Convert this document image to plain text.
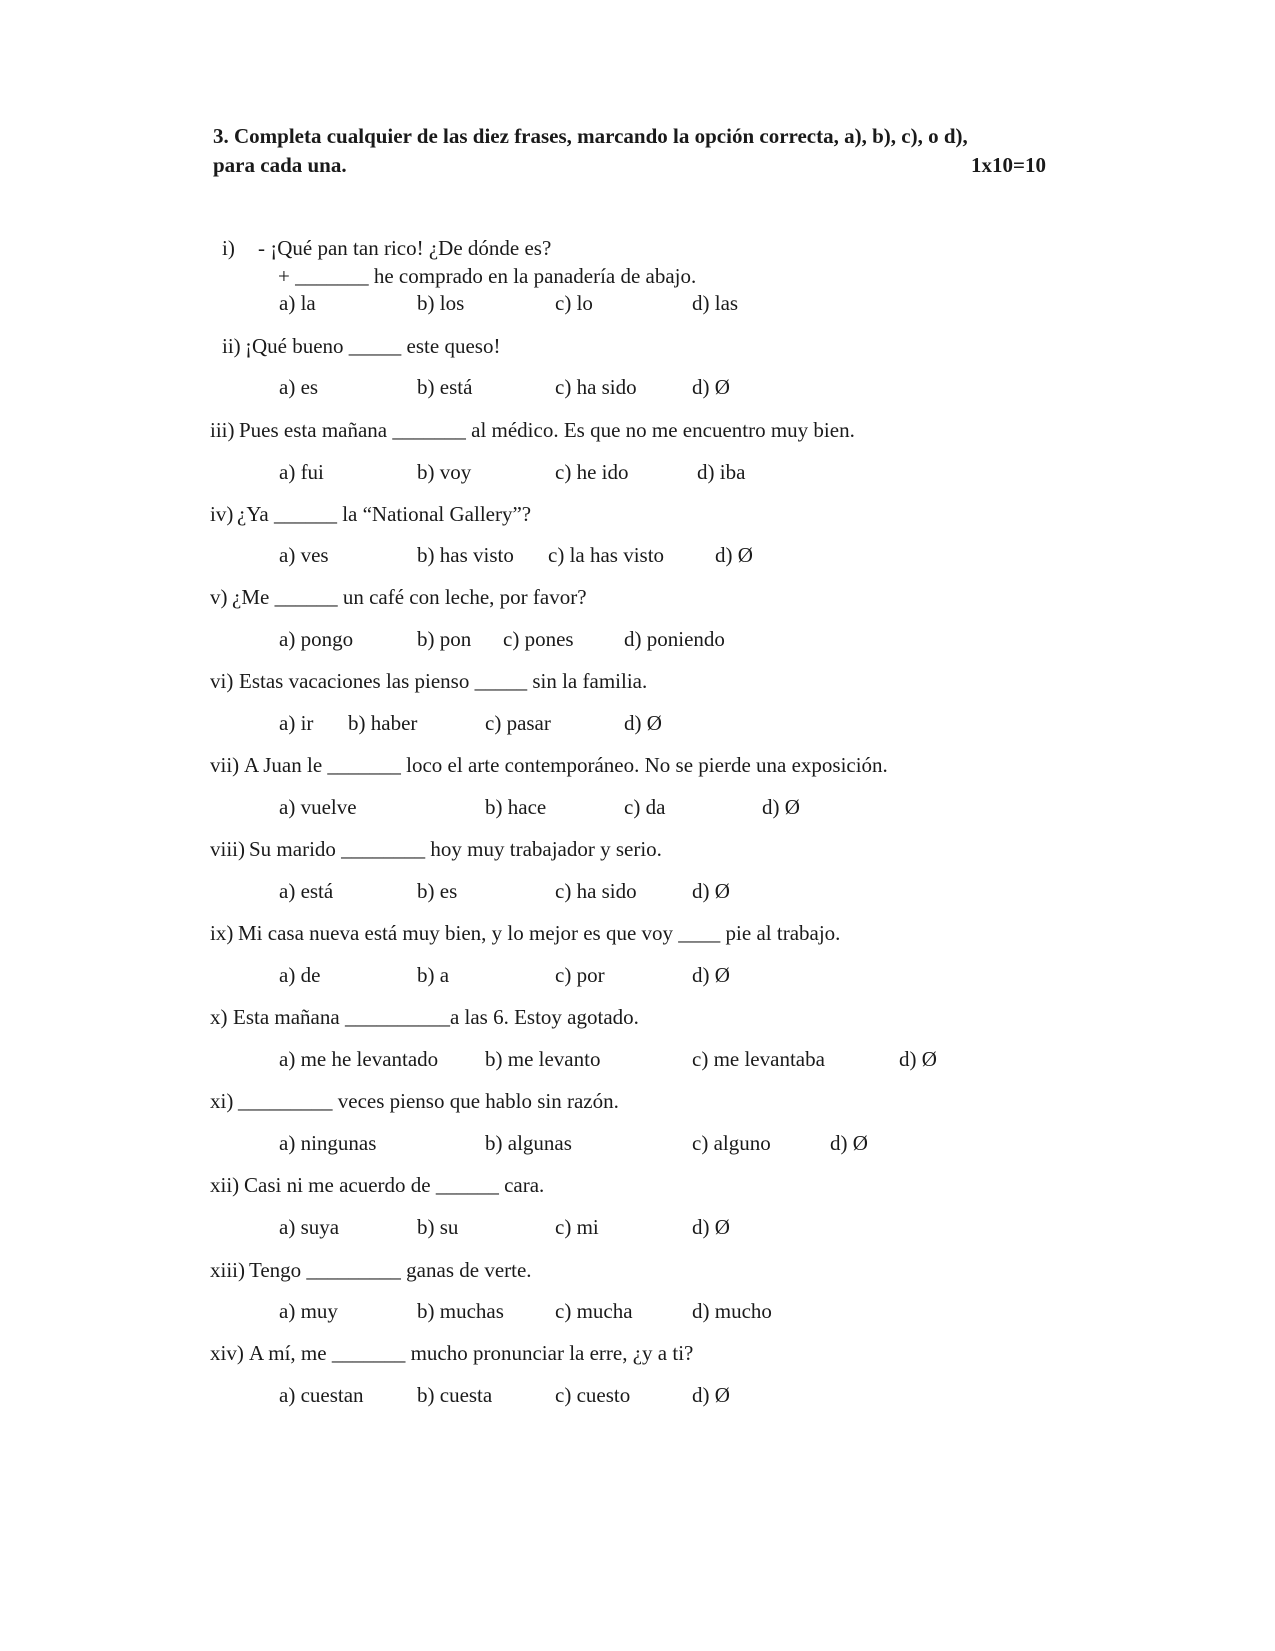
3. Completa cualquier de las diez frases, marcando la opción correcta, a), b), c), o d),
para cada una.	1x10=10
i) - ¡Qué pan tan rico! ¿De dónde es?
+ _______ he comprado en la panadería de abajo.
a) la	b) los	c) lo	d) las
ii) ¡Qué bueno _____ este queso!
a) es	b) está	c) ha sido	d) Ø
iii) Pues esta mañana _______ al médico. Es que no me encuentro muy bien.
a) fui	b) voy	c) he ido	d) iba
iv) ¿Ya ______ la “National Gallery”?
a) ves	b) has visto c) la has visto d) Ø
v) ¿Me ______ un café con leche, por favor?
a) pongo	b) pon c) pones d) poniendo
vi) Estas vacaciones las pienso _____ sin la familia.
a) ir b) haber	c) pasar	d) Ø
vii) A Juan le _______ loco el arte contemporáneo. No se pierde una exposición.
a) vuelve	b) hace	c) da	d) Ø
viii) Su marido ________ hoy muy trabajador y serio.
a) está	b) es	c) ha sido	d) Ø
ix) Mi casa nueva está muy bien, y lo mejor es que voy ____ pie al trabajo.
a) de	b) a	c) por	d) Ø
x) Esta mañana __________a las 6. Estoy agotado.
a) me he levantado b) me levanto	c) me levantaba	d) Ø
xi) _________ veces pienso que hablo sin razón.
a) ningunas	b) algunas	c) alguno	d) Ø
xii) Casi ni me acuerdo de ______ cara.
a) suya	b) su	c) mi	d) Ø
xiii) Tengo _________ ganas de verte.
a) muy	b) muchas c) mucha	d) mucho
xiv) A mí, me _______ mucho pronunciar la erre, ¿y a ti?
a) cuestan	b) cuesta	c) cuesto	d) Ø
